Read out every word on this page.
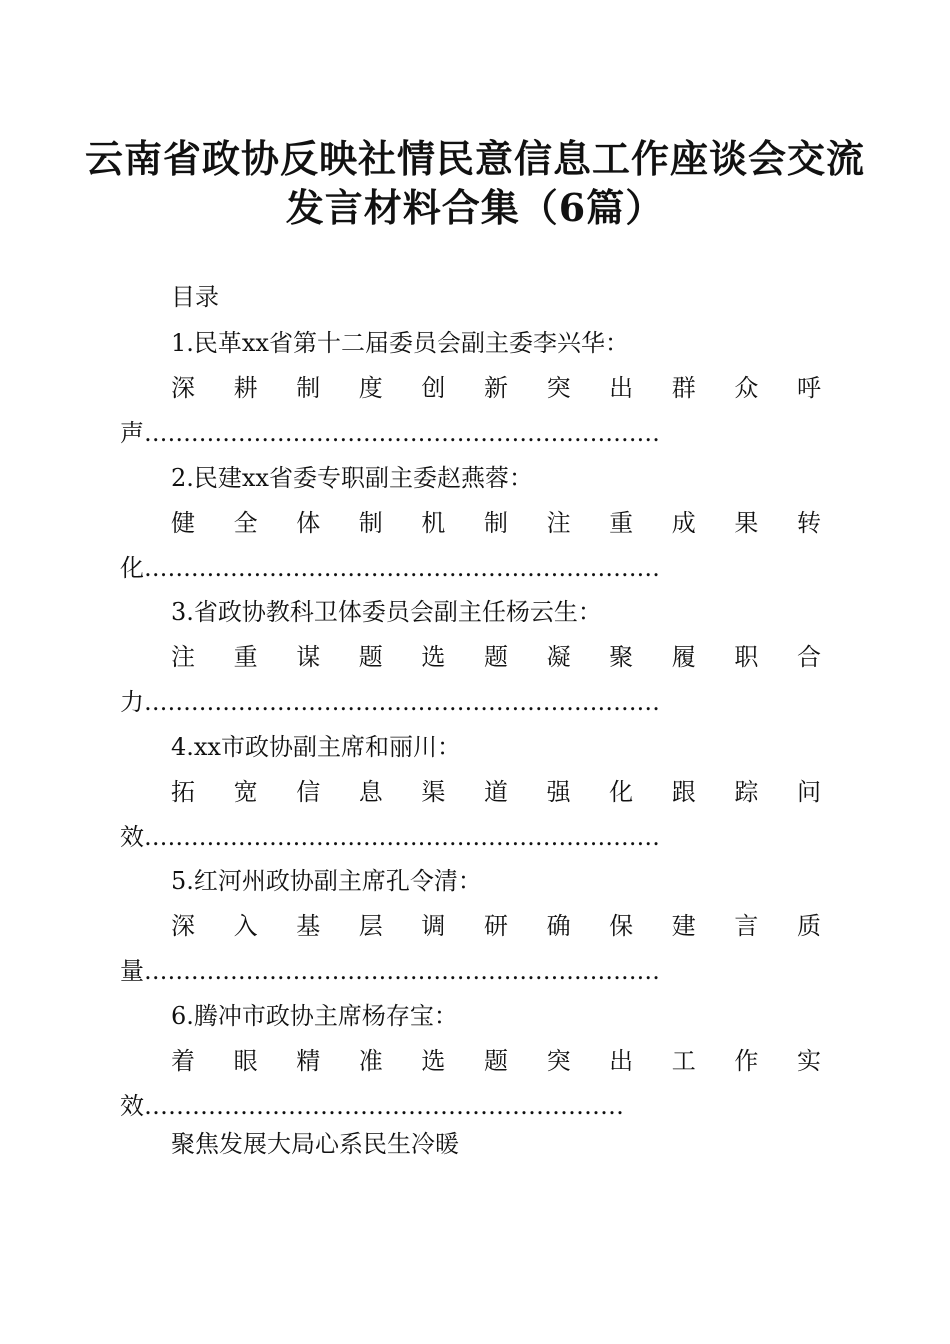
云南省政协反映社情民意信息工作座谈会交流
发言材料合集（6篇）
目录
1.民革xx省第十二届委员会副主委李兴华：
深 耕 制 度 创 新 突 出 群 众 呼
声…………………………………………………………
2.民建xx省委专职副主委赵燕蓉：
健 全 体 制 机 制 注 重 成 果 转
化…………………………………………………………
3.省政协教科卫体委员会副主任杨云生：
注 重 谋 题 选 题 凝 聚 履 职 合
力…………………………………………………………
4.xx市政协副主席和丽川：
拓 宽 信 息 渠 道 强 化 跟 踪 问
效…………………………………………………………
5.红河州政协副主席孔令清：
深 入 基 层 调 研 确 保 建 言 质
量…………………………………………………………
6.腾冲市政协主席杨存宝：
着 眼 精 准 选 题 突 出 工 作 实
效……………………………………………………
聚焦发展大局心系民生冷暖
